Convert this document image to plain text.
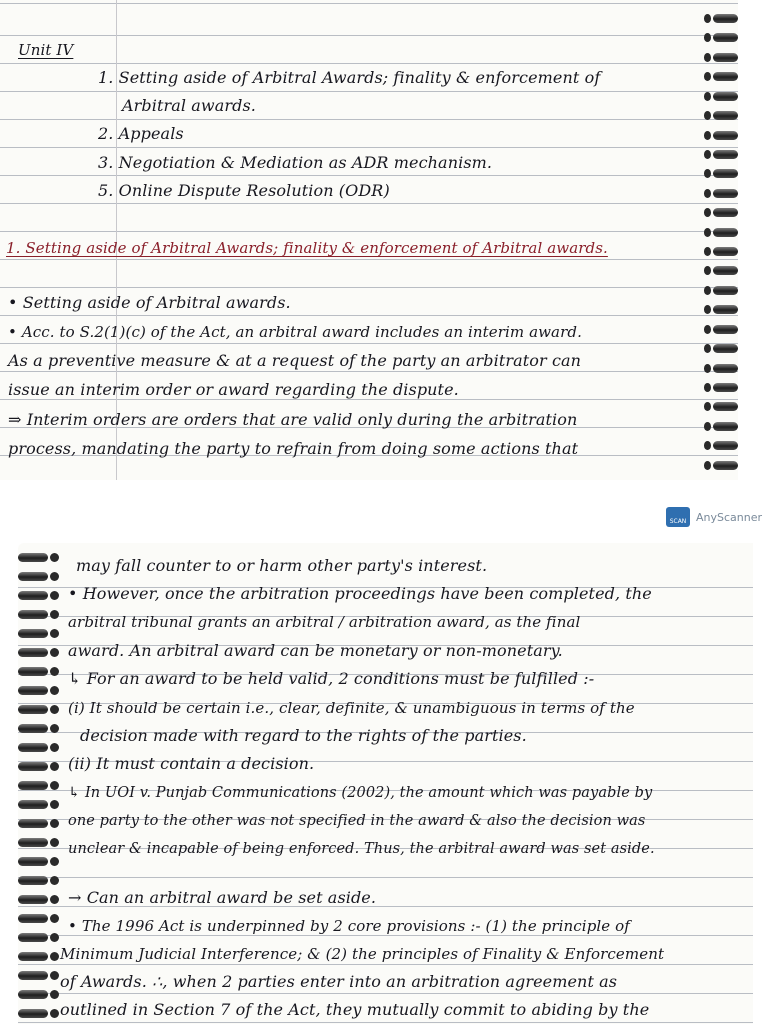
Unit IV

1. Setting aside of Arbitral Awards; finality & enforcement of

Arbitral awards.

2. Appeals

3. Negotiation & Mediation as ADR mechanism.

5. Online Dispute Resolution (ODR)

1. Setting aside of Arbitral Awards; finality & enforcement of Arbitral awards.

• Setting aside of Arbitral awards.

• Acc. to S.2(1)(c) of the Act, an arbitral award includes an interim award.

As a preventive measure & at a request of the party an arbitrator can

issue an interim order or award regarding the dispute.

⇒ Interim orders are orders that are valid only during the arbitration

process, mandating the party to refrain from doing some actions that

SCAN AnyScanner

may fall counter to or harm other party's interest.

• However, once the arbitration proceedings have been completed, the

arbitral tribunal grants an arbitral / arbitration award, as the final

award. An arbitral award can be monetary or non-monetary.

↳ For an award to be held valid, 2 conditions must be fulfilled :-

(i) It should be certain i.e., clear, definite, & unambiguous in terms of the

decision made with regard to the rights of the parties.

(ii) It must contain a decision.

↳ In UOI v. Punjab Communications (2002), the amount which was payable by

one party to the other was not specified in the award & also the decision was

unclear & incapable of being enforced. Thus, the arbitral award was set aside.

→ Can an arbitral award be set aside.

• The 1996 Act is underpinned by 2 core provisions :- (1) the principle of

Minimum Judicial Interference; & (2) the principles of Finality & Enforcement

of Awards. ∴, when 2 parties enter into an arbitration agreement as

outlined in Section 7 of the Act, they mutually commit to abiding by the
